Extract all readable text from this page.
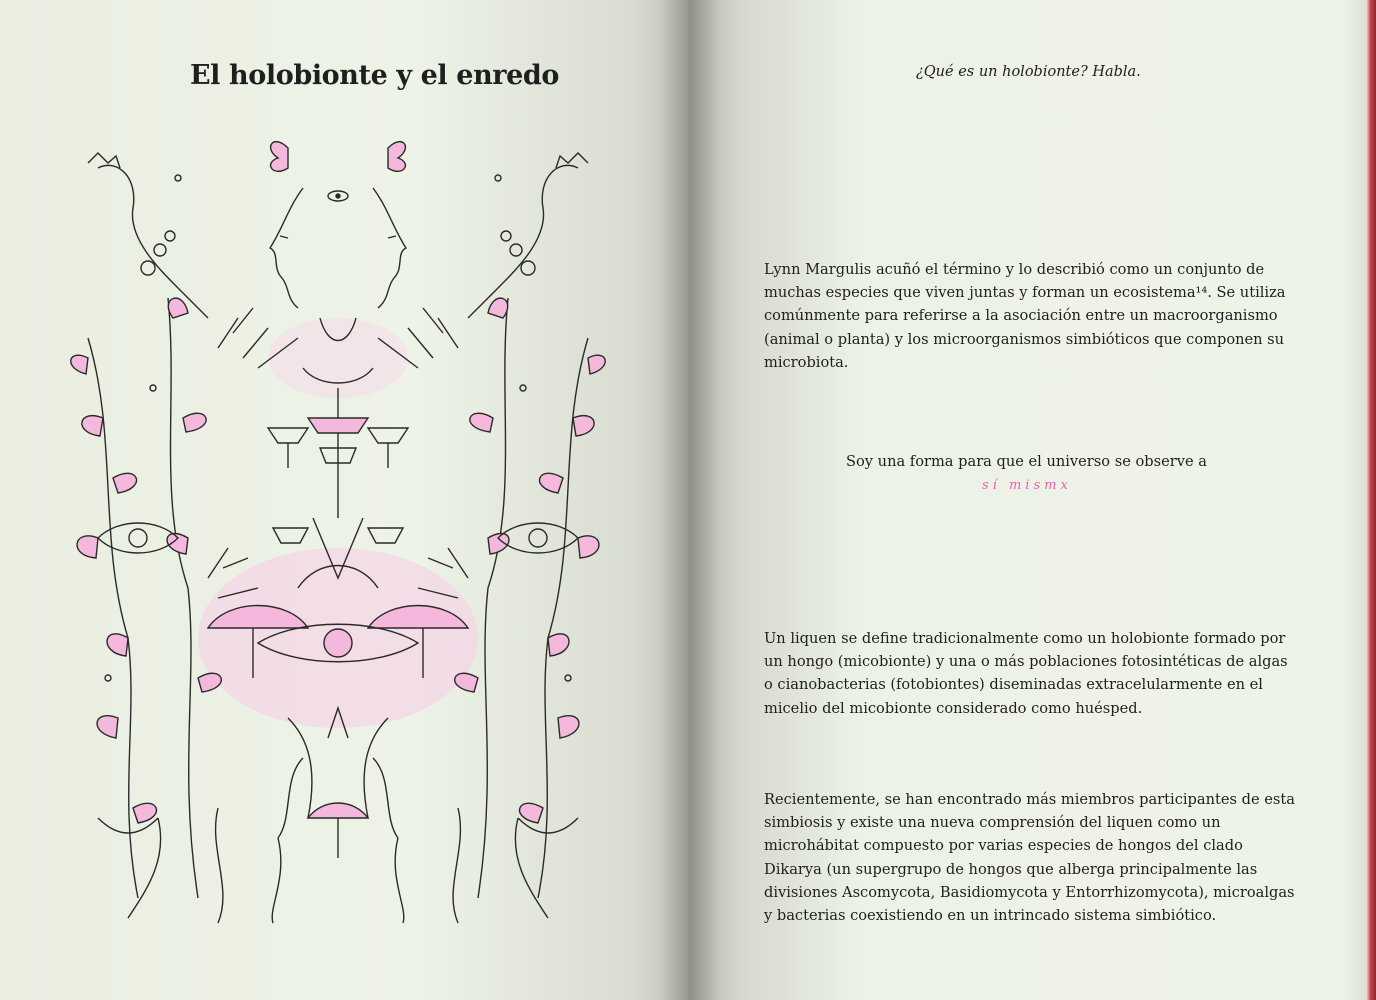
El holobionte y el enredo	¿Qué es un holobionte? Habla.

Lynn Margulis acuñó el término y lo describió como un conjunto de muchas especies que viven juntas y forman un ecosistema¹⁴. Se utiliza comúnmente para referirse a la asociación entre un macroorganismo (animal o planta) y los microorganismos simbióticos que componen su microbiota.

Soy una forma para que el universo se observe a
sí mismx

Un liquen se define tradicionalmente como un holobionte formado por un hongo (micobionte) y una o más poblaciones fotosintéticas de algas o cianobacterias (fotobiontes) diseminadas extracelularmente en el micelio del micobionte considerado como huésped.

Recientemente, se han encontrado más miembros participantes de esta simbiosis y existe una nueva comprensión del liquen como un microhábitat compuesto por varias especies de hongos del clado Dikarya (un supergrupo de hongos que alberga principalmente las divisiones Ascomycota, Basidiomycota y Entorrhizomycota), microalgas y bacterias coexistiendo en un intrincado sistema simbiótico.
